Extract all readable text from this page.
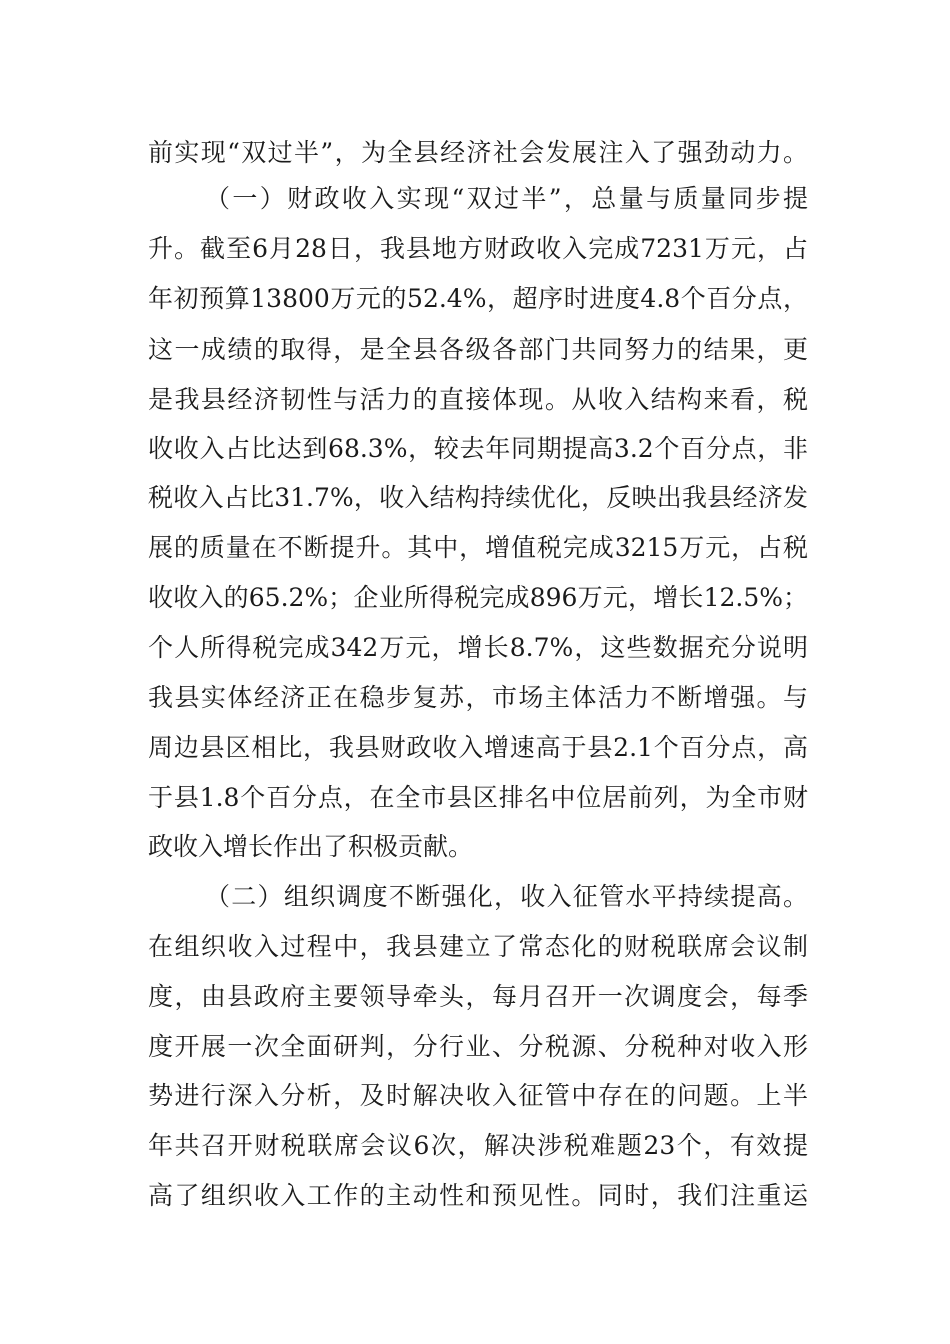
前实现“双过半”，为全县经济社会发展注入了强劲动力。
（一）财政收入实现“双过半”，总量与质量同步提
升。截至6月28日，我县地方财政收入完成7231万元，占
年初预算13800万元的52.4%，超序时进度4.8个百分点，
这一成绩的取得，是全县各级各部门共同努力的结果，更
是我县经济韧性与活力的直接体现。从收入结构来看，税
收收入占比达到68.3%，较去年同期提高3.2个百分点，非
税收入占比31.7%，收入结构持续优化，反映出我县经济发
展的质量在不断提升。其中，增值税完成3215万元，占税
收收入的65.2%；企业所得税完成896万元，增长12.5%；
个人所得税完成342万元，增长8.7%，这些数据充分说明
我县实体经济正在稳步复苏，市场主体活力不断增强。与
周边县区相比，我县财政收入增速高于县2.1个百分点，高
于县1.8个百分点，在全市县区排名中位居前列，为全市财
政收入增长作出了积极贡献。
（二）组织调度不断强化，收入征管水平持续提高。
在组织收入过程中，我县建立了常态化的财税联席会议制
度，由县政府主要领导牵头，每月召开一次调度会，每季
度开展一次全面研判，分行业、分税源、分税种对收入形
势进行深入分析，及时解决收入征管中存在的问题。上半
年共召开财税联席会议6次，解决涉税难题23个，有效提
高了组织收入工作的主动性和预见性。同时，我们注重运
